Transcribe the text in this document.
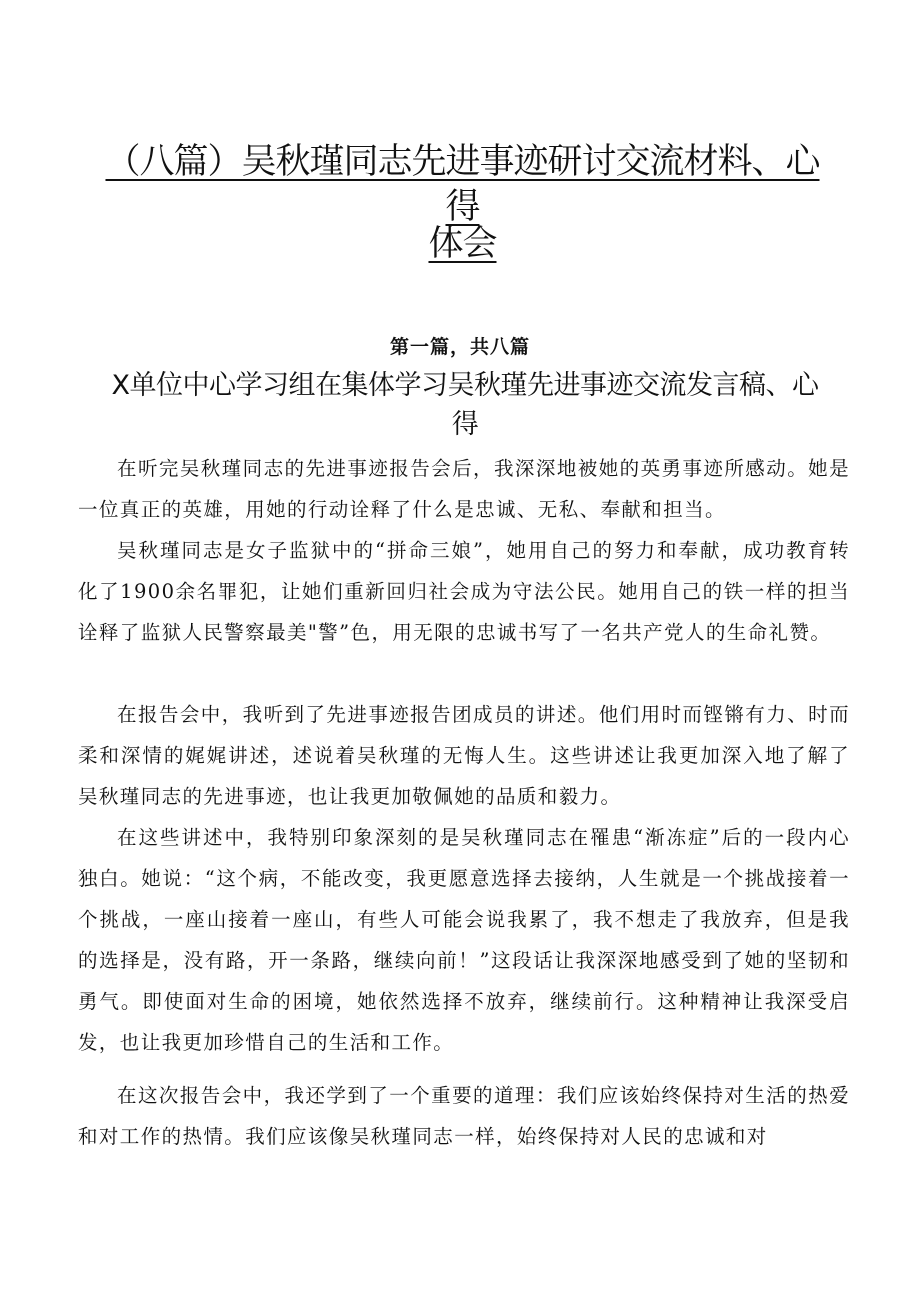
（八篇）吴秋瑾同志先进事迹研讨交流材料、心得
体会
第一篇，共八篇
X单位中心学习组在集体学习吴秋瑾先进事迹交流发言稿、心
得

在听完吴秋瑾同志的先进事迹报告会后，我深深地被她的英勇事迹所感动。她是一位真正的英雄，用她的行动诠释了什么是忠诚、无私、奉献和担当。

吴秋瑾同志是女子监狱中的“拼命三娘”，她用自己的努力和奉献，成功教育转化了1900余名罪犯，让她们重新回归社会成为守法公民。她用自己的铁一样的担当诠释了监狱人民警察最美"警”色，用无限的忠诚书写了一名共产党人的生命礼赞。

在报告会中，我听到了先进事迹报告团成员的讲述。他们用时而铿锵有力、时而柔和深情的娓娓讲述，述说着吴秋瑾的无悔人生。这些讲述让我更加深入地了解了吴秋瑾同志的先进事迹，也让我更加敬佩她的品质和毅力。

在这些讲述中，我特别印象深刻的是吴秋瑾同志在罹患“渐冻症”后的一段内心独白。她说：“这个病，不能改变，我更愿意选择去接纳，人生就是一个挑战接着一个挑战，一座山接着一座山，有些人可能会说我累了，我不想走了我放弃，但是我的选择是，没有路，开一条路，继续向前！”这段话让我深深地感受到了她的坚韧和勇气。即使面对生命的困境，她依然选择不放弃，继续前行。这种精神让我深受启发，也让我更加珍惜自己的生活和工作。

在这次报告会中，我还学到了一个重要的道理：我们应该始终保持对生活的热爱和对工作的热情。我们应该像吴秋瑾同志一样，始终保持对人民的忠诚和对
